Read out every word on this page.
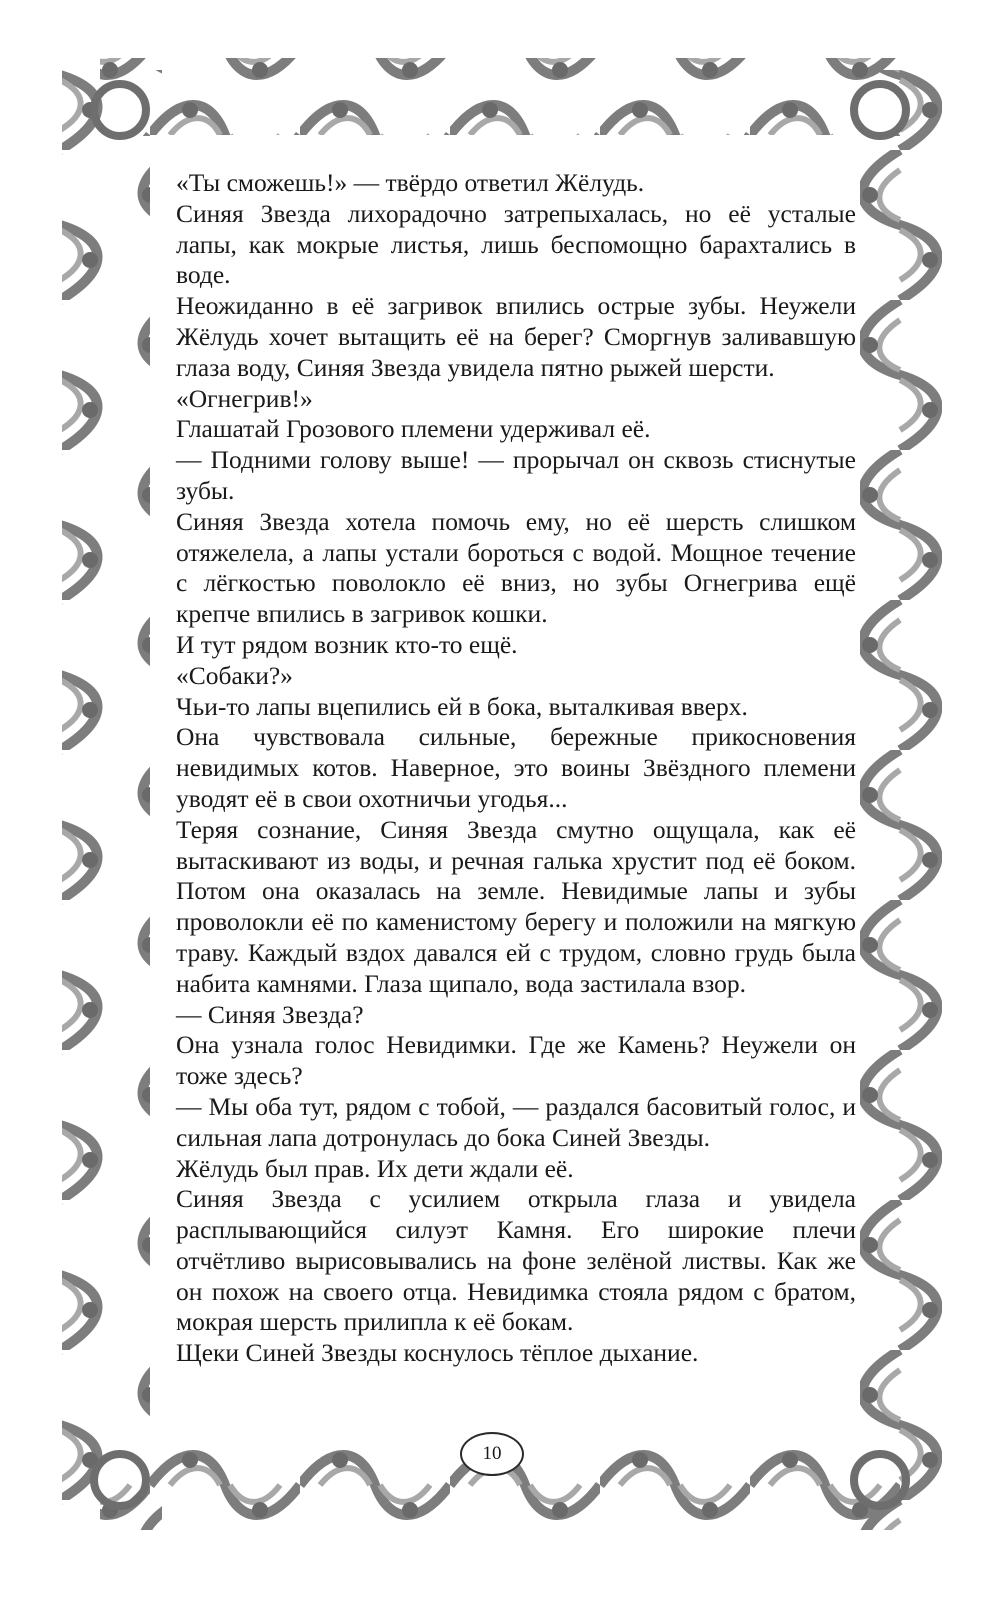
«Ты сможешь!» — твёрдо ответил Жёлудь.

Синяя Звезда лихорадочно затрепыхалась, но её усталые лапы, как мокрые листья, лишь беспомощно барахтались в воде.

Неожиданно в её загривок впились острые зубы. Неужели Жёлудь хочет вытащить её на берег? Сморгнув заливавшую глаза воду, Синяя Звезда увидела пятно рыжей шерсти.

«Огнегрив!»

Глашатай Грозового племени удерживал её.

— Подними голову выше! — прорычал он сквозь стиснутые зубы.

Синяя Звезда хотела помочь ему, но её шерсть слишком отяжелела, а лапы устали бороться с водой. Мощное течение с лёгкостью поволокло её вниз, но зубы Огнегрива ещё крепче впились в загривок кошки.

И тут рядом возник кто-то ещё.

«Собаки?»

Чьи-то лапы вцепились ей в бока, выталкивая вверх.

Она чувствовала сильные, бережные прикосновения невидимых котов. Наверное, это воины Звёздного племени уводят её в свои охотничьи угодья...

Теряя сознание, Синяя Звезда смутно ощущала, как её вытаскивают из воды, и речная галька хрустит под её боком. Потом она оказалась на земле. Невидимые лапы и зубы проволокли её по каменистому берегу и положили на мягкую траву. Каждый вздох давался ей с трудом, словно грудь была набита камнями. Глаза щипало, вода застилала взор.

— Синяя Звезда?

Она узнала голос Невидимки. Где же Камень? Неужели он тоже здесь?

— Мы оба тут, рядом с тобой, — раздался басовитый голос, и сильная лапа дотронулась до бока Синей Звезды.

Жёлудь был прав. Их дети ждали её.

Синяя Звезда с усилием открыла глаза и увидела расплывающийся силуэт Камня. Его широкие плечи отчётливо вырисовывались на фоне зелёной листвы. Как же он похож на своего отца. Невидимка стояла рядом с братом, мокрая шерсть прилипла к её бокам.

Щеки Синей Звезды коснулось тёплое дыхание.

10
